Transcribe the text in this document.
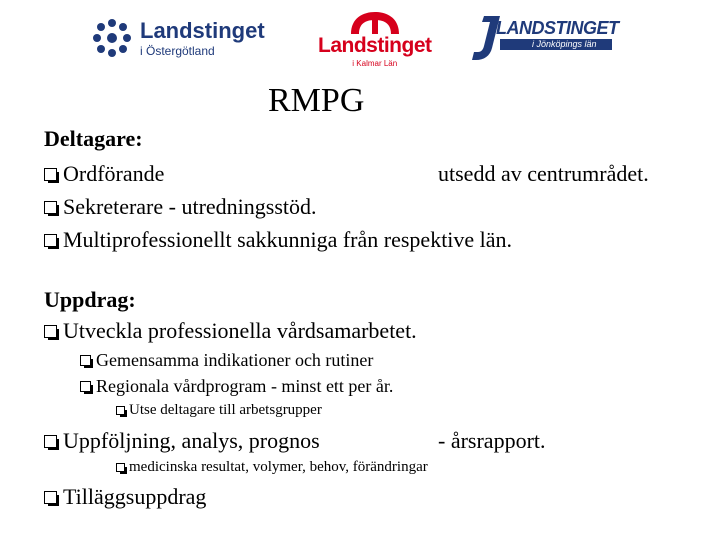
Landstinget
i Östergötland	Landstinget
i Kalmar Län
LANDSTINGET
i Jönköpings län
RMPG
Deltagare:
Ordförande	utsedd av centrumrådet.
Sekreterare - utredningsstöd.
Multiprofessionellt sakkunniga från respektive län.
Uppdrag:
Utveckla professionella vårdsamarbetet.
Gemensamma indikationer och rutiner
Regionala vårdprogram - minst ett per år.
Utse deltagare till arbetsgrupper
Uppföljning, analys, prognos	- årsrapport.
medicinska resultat, volymer, behov, förändringar
Tilläggsuppdrag
